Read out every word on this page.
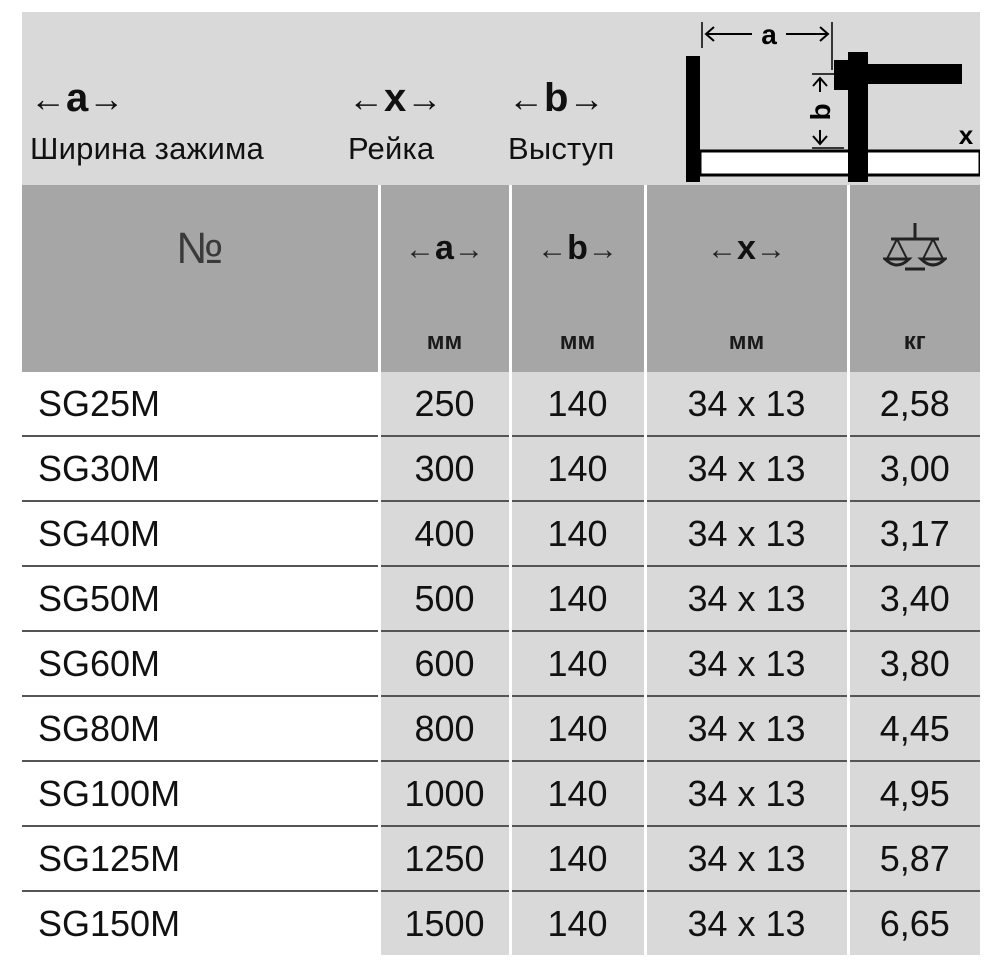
←a→
Ширина зажима
←x→
Рейка
←b→
Выступ
a
b
x
№	←a→	←b→	←x→	
	мм	мм	мм	кг
SG25M	250	140	34 x 13	2,58
SG30M	300	140	34 x 13	3,00
SG40M	400	140	34 x 13	3,17
SG50M	500	140	34 x 13	3,40
SG60M	600	140	34 x 13	3,80
SG80M	800	140	34 x 13	4,45
SG100M	1000	140	34 x 13	4,95
SG125M	1250	140	34 x 13	5,87
SG150M	1500	140	34 x 13	6,65
